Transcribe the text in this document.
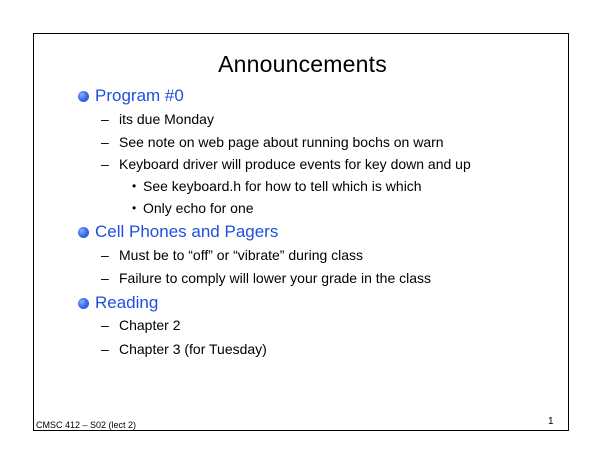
Announcements
Program #0
– its due Monday
– See note on web page about running bochs on warn
– Keyboard driver will produce events for key down and up
• See keyboard.h for how to tell which is which
• Only echo for one
Cell Phones and Pagers
– Must be to “off” or “vibrate” during class
– Failure to comply will lower your grade in the class
Reading
– Chapter 2
– Chapter 3 (for Tuesday)
CMSC 412 – S02 (lect 2)	1
